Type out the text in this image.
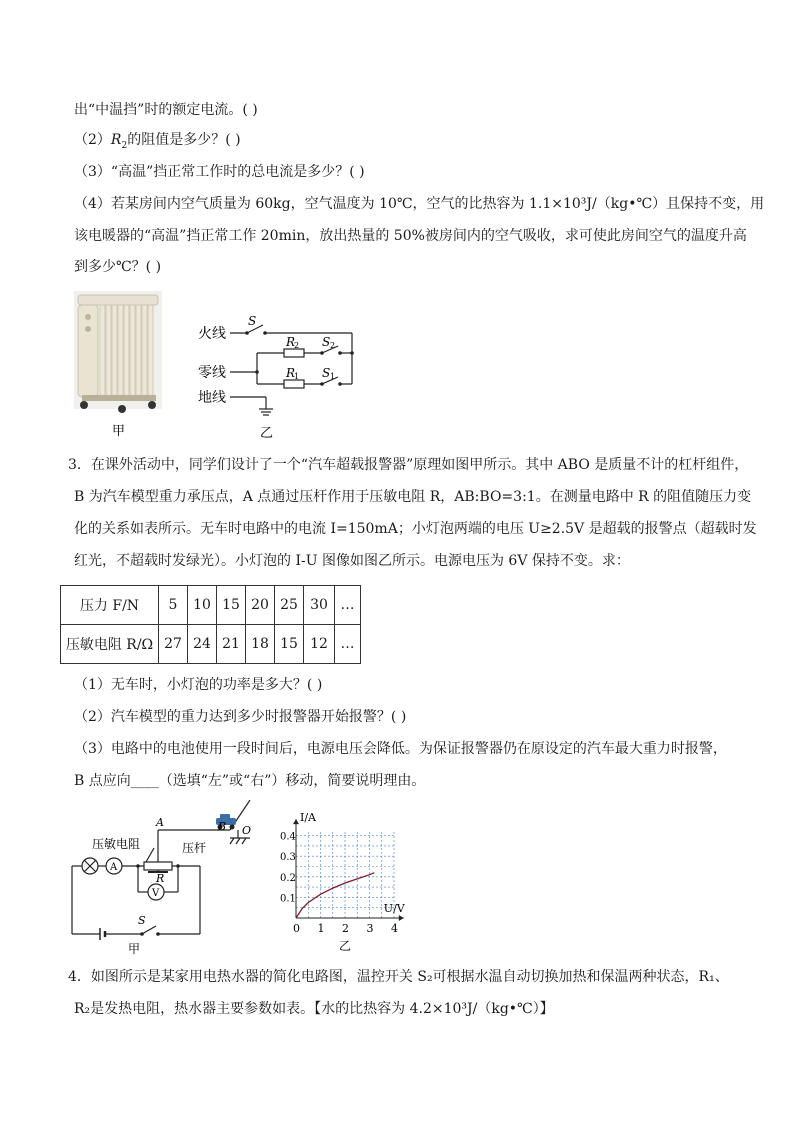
出“中温挡”时的额定电流。( )
$(2)R_2$的阻值是多少？( )
（3）“高温”挡正常工作时的总电流是多少？( )
（4）若某房间内空气质量为 60kg，空气温度为 10℃，空气的比热容为 1.1×10³J/（kg•℃）且保持不变，用
该电暖器的“高温”挡正常工作 20min，放出热量的 50%被房间内的空气吸收，求可使此房间空气的温度升高
到多少℃？( )
甲
火线
零线
地线
S
R
2 S 2
R
1 S 1
乙
3．在课外活动中，同学们设计了一个“汽车超载报警器”原理如图甲所示。其中 ABO 是质量不计的杠杆组件，
B 为汽车模型重力承压点，A 点通过压杆作用于压敏电阻 R，AB:BO=3:1。在测量电路中 R 的阻值随压力变
化的关系如表所示。无车时电路中的电流 I=150mA；小灯泡两端的电压 U≥2.5V 是超载的报警点（超载时发
红光，不超载时发绿光）。小灯泡的 I-U 图像如图乙所示。电源电压为 6V 保持不变。求：
压力 F/N	5	10	15	20	25	30	…
压敏电阻 R/Ω	27	24	21	18	15	12	…
（1）无车时，小灯泡的功率是多大？( )
（2）汽车模型的重力达到多少时报警器开始报警？( )
（3）电路中的电池使用一段时间后，电源电压会降低。为保证报警器仍在原设定的汽车最大重力时报警，
B 点应向____（选填“左”或“右”）移动，简要说明理由。
A	B O
压敏电阻	压杆
R
A
V
S
甲
0 1 2 3 4
0.1
0.2
0.3
0.4
I/A
U/V
乙
4．如图所示是某家用电热水器的简化电路图，温控开关 S₂可根据水温自动切换加热和保温两种状态，R₁、
R₂是发热电阻，热水器主要参数如表。【水的比热容为 4.2×10³J/（kg•℃）】
